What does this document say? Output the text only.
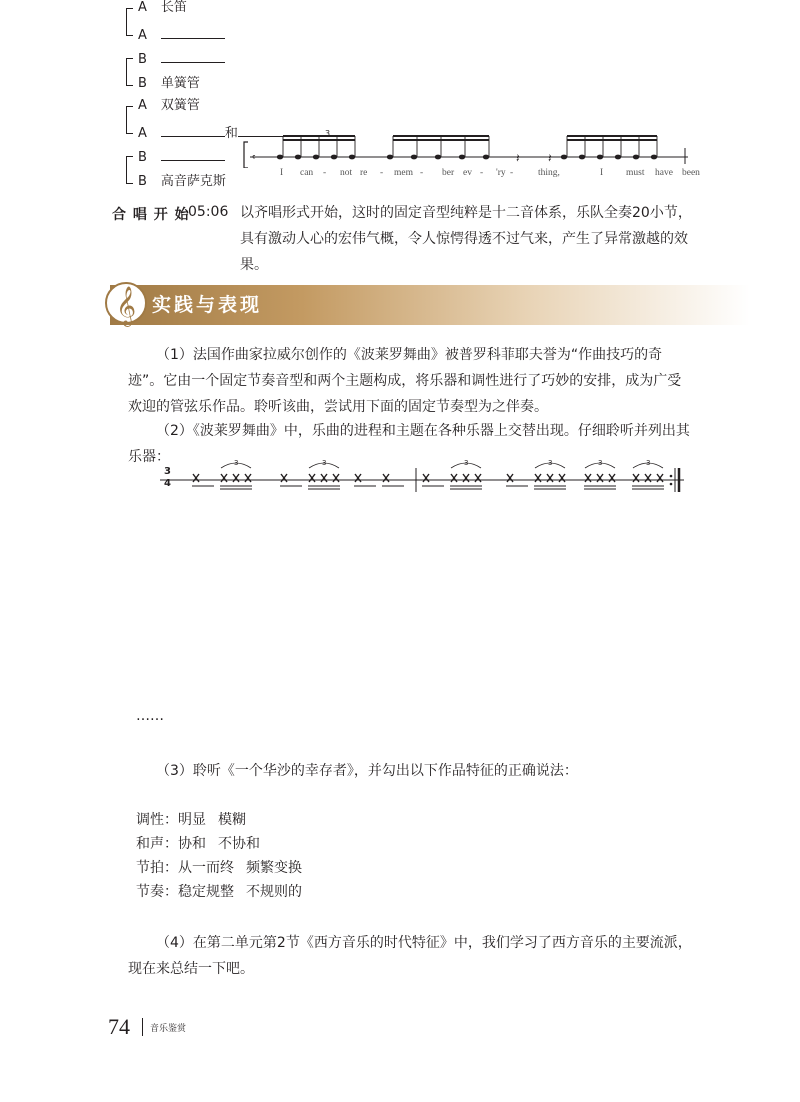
𝄴	𝄽 𝄽
3
I can - not re - mem - ber ev - 'ry -	thing,	I must have been
合 唱 开 始
05:06 以齐唱形式开始，这时的固定音型纯粹是十二音体系，乐队全奏20小节，具有激动人心的宏伟气概，令人惊愕得透不过气来，产生了异常激越的效果。
𝄞 实践与表现
（1）法国作曲家拉威尔创作的《波莱罗舞曲》被普罗科菲耶夫誉为“作曲技巧的奇迹”。它由一个固定节奏音型和两个主题构成，将乐器和调性进行了巧妙的安排，成为广受欢迎的管弦乐作品。聆听该曲，尝试用下面的固定节奏型为之伴奏。
（2）《波莱罗舞曲》中，乐曲的进程和主题在各种乐器上交替出现。仔细聆听并列出其乐器：
3
4
3	3	3	3	3	3
A 长笛
A
B
B 单簧管
A 双簧管
A	和
B
B 高音萨克斯
……
（3）聆听《一个华沙的幸存者》，并勾出以下作品特征的正确说法：
调性：明显 模糊
和声：协和 不协和
节拍：从一而终 频繁变换
节奏：稳定规整 不规则的
（4）在第二单元第2节《西方音乐的时代特征》中，我们学习了西方音乐的主要流派，现在来总结一下吧。
74 音乐鉴赏
